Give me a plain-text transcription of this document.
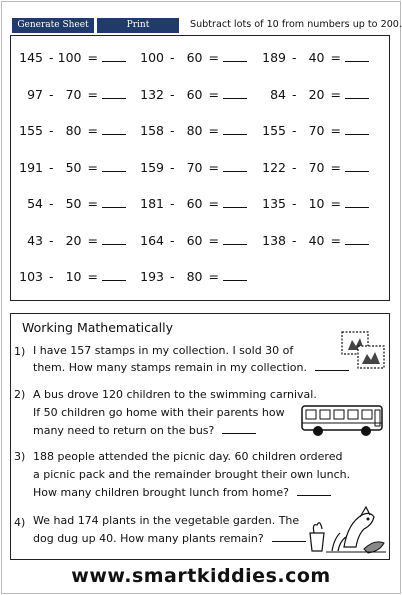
Generate Sheet	Print	Subtract lots of 10 from numbers up to 200.
145 - 100 =	100 - 60 =	189 - 40 =
97 - 70 =	132 - 60 =	84 - 20 =
155 - 80 =	158 - 80 =	155 - 70 =
191 - 50 =	159 - 70 =	122 - 70 =
54 - 50 =	181 - 60 =	135 - 10 =
43 - 20 =	164 - 60 =	138 - 40 =
103 - 10 =	193 - 80 =
Working Mathematically
1) I have 157 stamps in my collection. I sold 30 of
them. How many stamps remain in my collection.
2) A bus drove 120 children to the swimming carnival.
If 50 children go home with their parents how
many need to return on the bus?
3) 188 people attended the picnic day. 60 children ordered
a picnic pack and the remainder brought their own lunch.
How many children brought lunch from home?
4) We had 174 plants in the vegetable garden. The
dog dug up 40. How many plants remain?
www.smartkiddies.com
